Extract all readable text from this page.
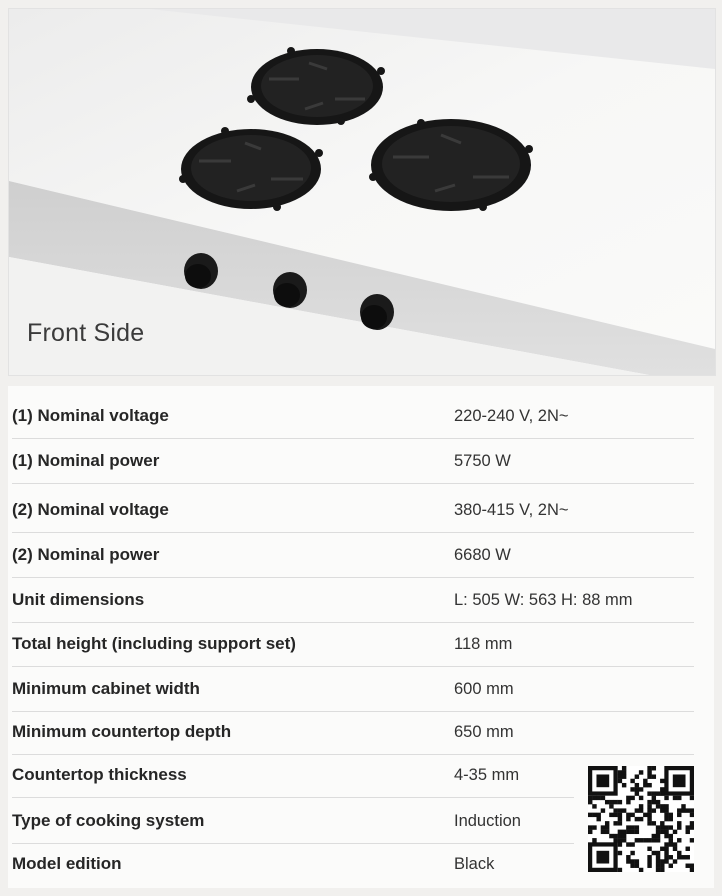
Front Side
(1) Nominal voltage	220-240 V, 2N~
(1) Nominal power	5750 W
(2) Nominal voltage	380-415 V, 2N~
(2) Nominal power	6680 W
Unit dimensions	L: 505 W: 563 H: 88 mm
Total height (including support set)	118 mm
Minimum cabinet width	600 mm
Minimum countertop depth	650 mm
Countertop thickness	4-35 mm
Type of cooking system	Induction
Model edition	Black
